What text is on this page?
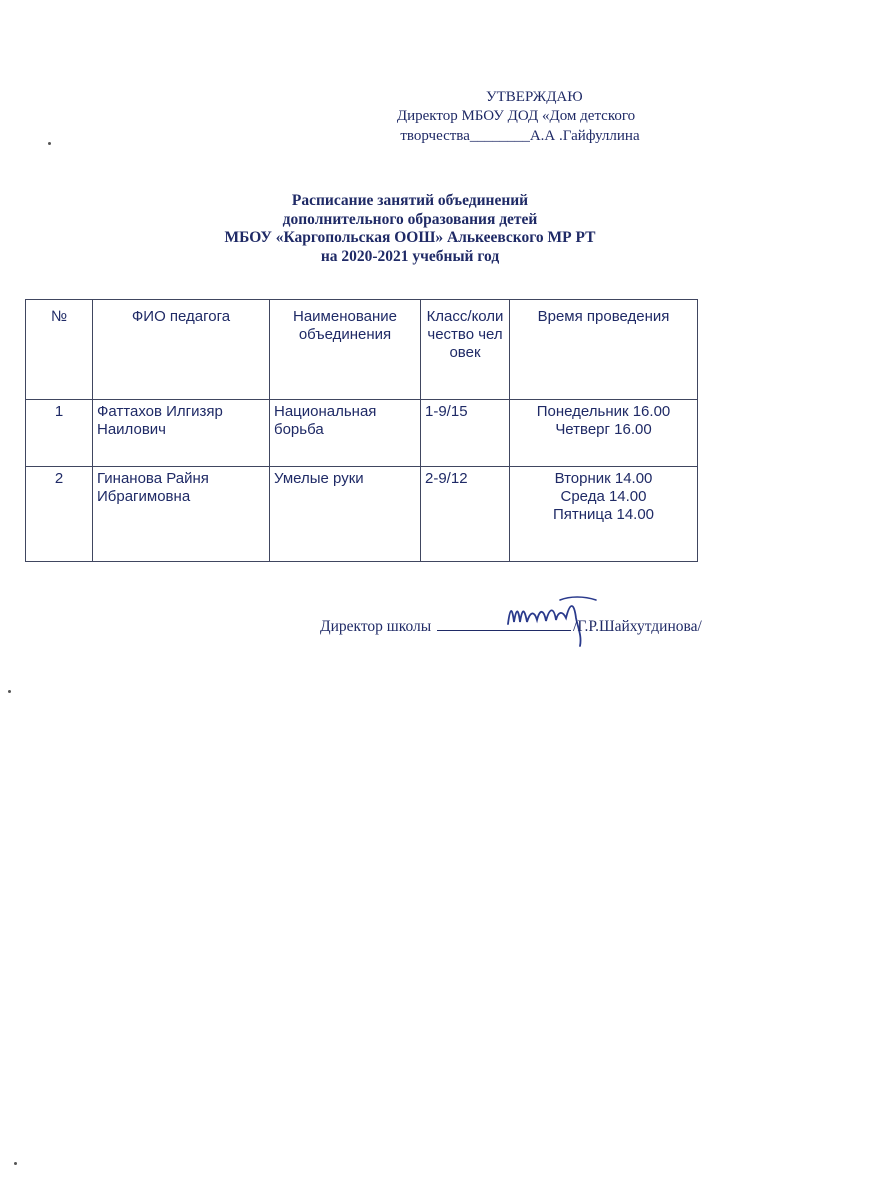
УТВЕРЖДАЮ
Директор МБОУ ДОД «Дом детского
творчества________А.А .Гайфуллина
Расписание занятий объединений
дополнительного образования детей
МБОУ «Каргопольская ООШ» Алькеевского МР РТ
на 2020-2021 учебный год
№	ФИО педагога	Наименование объединения	Класс/количество человек	Время проведения
1	Фаттахов Илгизяр Наилович	Национальная борьба	1-9/15	Понедельник 16.00
Четверг 16.00

2	Гинанова Райня Ибрагимовна	Умелые руки	2-9/12	Вторник 14.00
Среда 14.00
Пятница 14.00
Директор школы	/Г.Р.Шайхутдинова/
